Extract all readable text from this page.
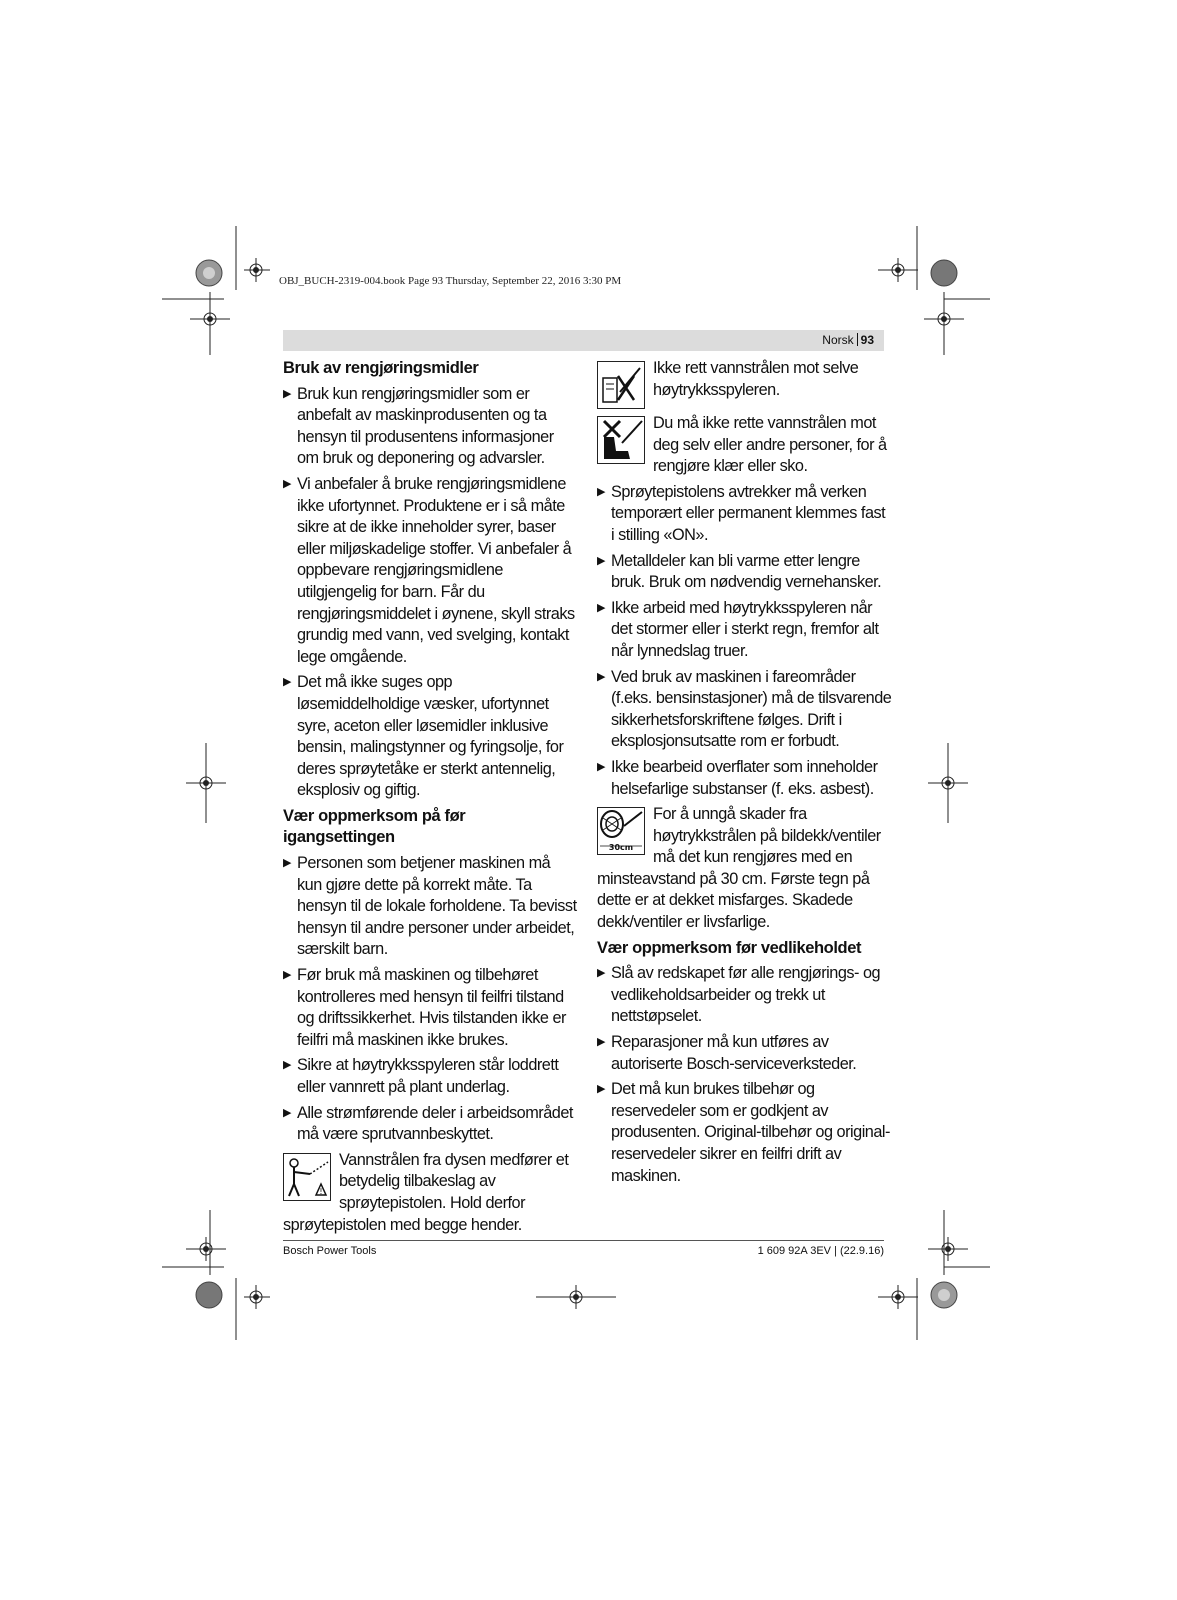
OBJ_BUCH-2319-004.book Page 93 Thursday, September 22, 2016 3:30 PM
Norsk 93
Bruk av rengjøringsmidler
▶ Bruk kun rengjøringsmidler som er anbefalt av maskinprodusenten og ta hensyn til produsentens informasjoner om bruk og deponering og advarsler.
▶ Vi anbefaler å bruke rengjøringsmidlene ikke ufortynnet. Produktene er i så måte sikre at de ikke inneholder syrer, baser eller miljøskadelige stoffer. Vi anbefaler å oppbevare rengjøringsmidlene utilgjengelig for barn. Får du rengjøringsmiddelet i øynene, skyll straks grundig med vann, ved svelging, kontakt lege omgående.
▶ Det må ikke suges opp løsemiddelholdige væsker, ufortynnet syre, aceton eller løsemidler inklusive bensin, malingstynner og fyringsolje, for deres sprøytetåke er sterkt antennelig, eksplosiv og giftig.
Vær oppmerksom på før igangsettingen
▶ Personen som betjener maskinen må kun gjøre dette på korrekt måte. Ta hensyn til de lokale forholdene. Ta bevisst hensyn til andre personer under arbeidet, særskilt barn.
▶ Før bruk må maskinen og tilbehøret kontrolleres med hensyn til feilfri tilstand og driftssikkerhet. Hvis tilstanden ikke er feilfri må maskinen ikke brukes.
▶ Sikre at høytrykksspyleren står loddrett eller vannrett på plant underlag.
▶ Alle strømførende deler i arbeidsområdet må være sprutvannbeskyttet.
!

Vannstrålen fra dysen medfører et betydelig tilbakeslag av sprøytepistolen. Hold derfor sprøytepistolen med begge hender.

Ikke rett vannstrålen mot selve høytrykksspyleren.

Du må ikke rette vannstrålen mot deg selv eller andre personer, for å rengjøre klær eller sko.

▶ Sprøytepistolens avtrekker må verken temporært eller permanent klemmes fast i stilling «ON».
▶ Metalldeler kan bli varme etter lengre bruk. Bruk om nødvendig vernehansker.
▶ Ikke arbeid med høytrykksspyleren når det stormer eller i sterkt regn, fremfor alt når lynnedslag truer.
▶ Ved bruk av maskinen i fareområder (f.eks. bensinstasjoner) må de tilsvarende sikkerhetsforskriftene følges. Drift i eksplosjonsutsatte rom er forbudt.
▶ Ikke bearbeid overflater som inneholder helsefarlige substanser (f. eks. asbest).
30cm

For å unngå skader fra høytrykkstrålen på bildekk/ventiler må det kun rengjøres med en minsteavstand på 30 cm. Første tegn på dette er at dekket misfarges. Skadede dekk/ventiler er livsfarlige.

Vær oppmerksom før vedlikeholdet
▶ Slå av redskapet før alle rengjørings- og vedlikeholdsarbeider og trekk ut nettstøpselet.
▶ Reparasjoner må kun utføres av autoriserte Bosch-serviceverksteder.
▶ Det må kun brukes tilbehør og reservedeler som er godkjent av produsenten. Original-tilbehør og original-reservedeler sikrer en feilfri drift av maskinen.
Bosch Power Tools	1 609 92A 3EV | (22.9.16)
